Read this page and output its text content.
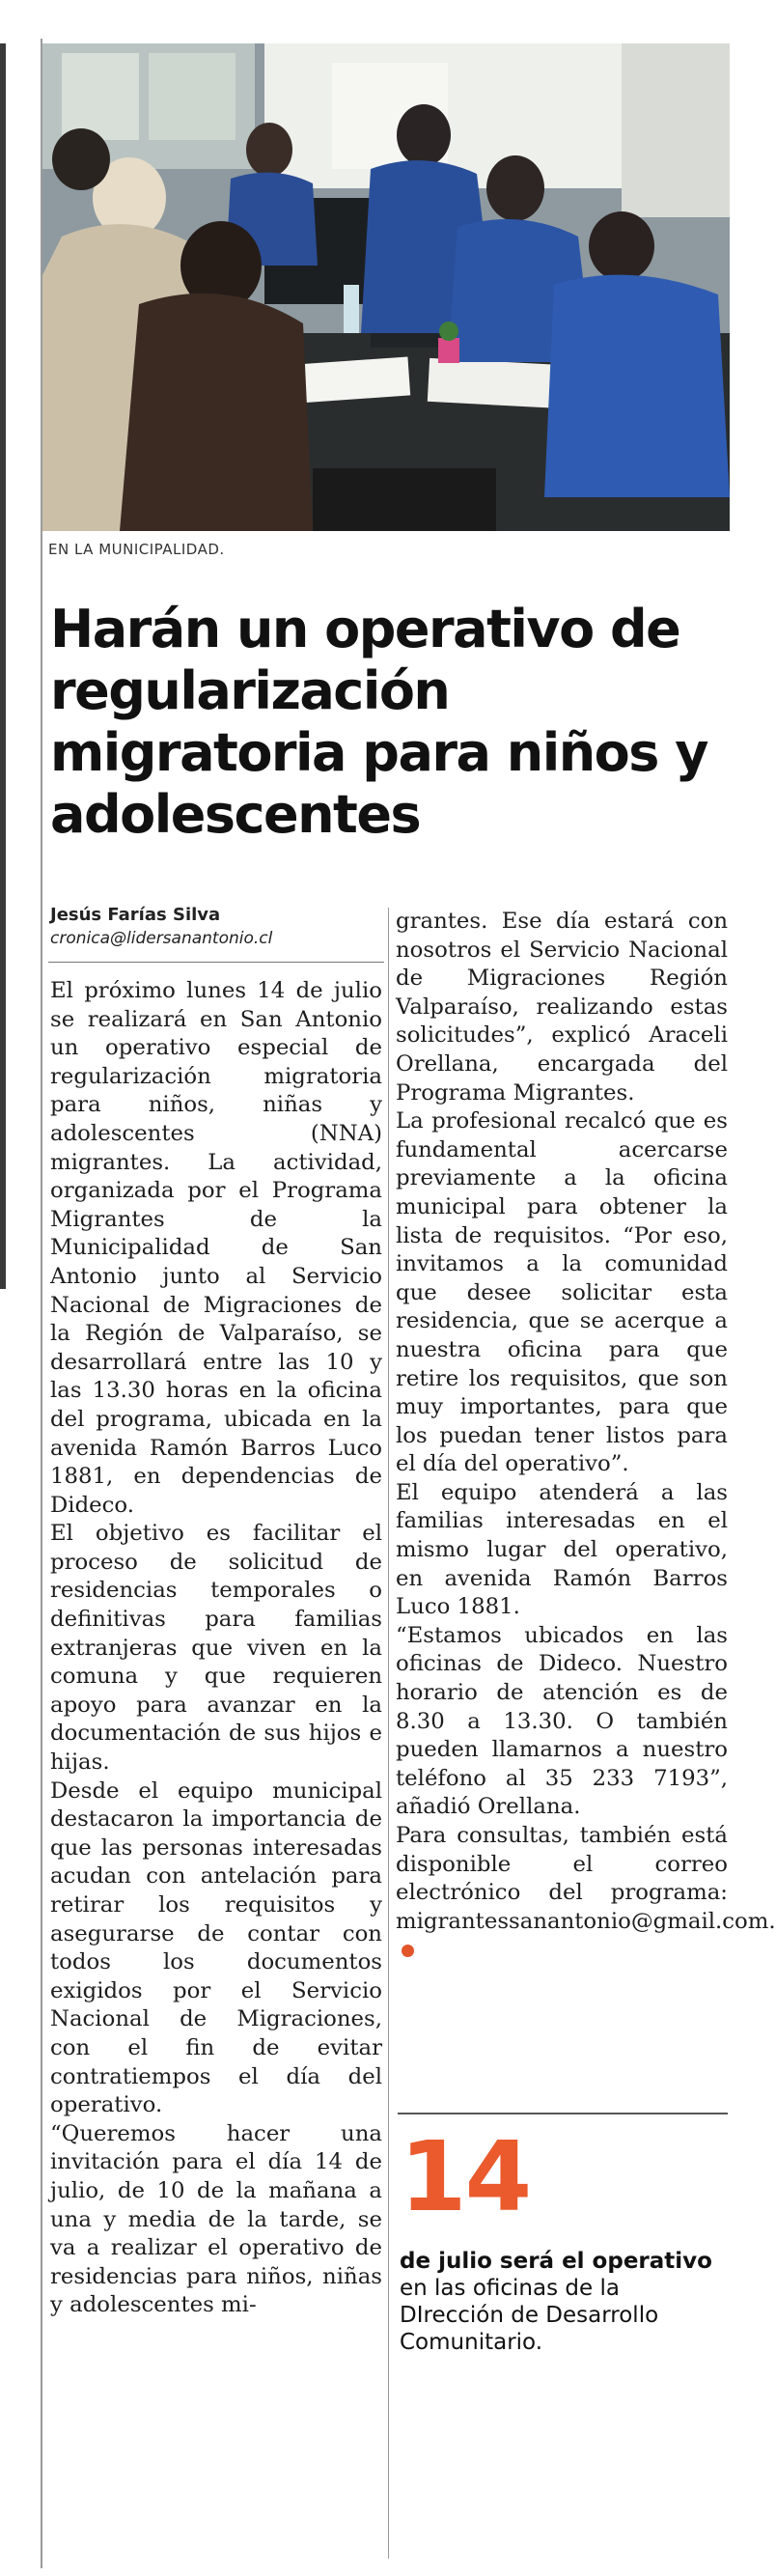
EN LA MUNICIPALIDAD.
Harán un operativo de regularización migratoria para niños y adolescentes
Jesús Farías Silva
cronica@lidersanantonio.cl

El próximo lunes 14 de julio se realizará en San Antonio un operativo especial de regularización migratoria para niños, niñas y adolescentes (NNA) migrantes. La actividad, organizada por el Programa Migrantes de la Municipalidad de San Antonio junto al Servicio Nacional de Migraciones de la Región de Valparaíso, se desarrollará entre las 10 y las 13.30 horas en la oficina del programa, ubicada en la avenida Ramón Barros Luco 1881, en dependencias de Dideco.

El objetivo es facilitar el proceso de solicitud de residencias temporales o definitivas para familias extranjeras que viven en la comuna y que requieren apoyo para avanzar en la documentación de sus hijos e hijas.

Desde el equipo municipal destacaron la importancia de que las personas interesadas acudan con antelación para retirar los requisitos y asegurarse de contar con todos los documentos exigidos por el Servicio Nacional de Migraciones, con el fin de evitar contratiempos el día del operativo.

“Queremos hacer una invitación para el día 14 de julio, de 10 de la mañana a una y media de la tarde, se va a realizar el operativo de residencias para niños, niñas y adolescentes mi-

grantes. Ese día estará con nosotros el Servicio Nacional de Migraciones Región Valparaíso, realizando estas solicitudes”, explicó Araceli Orellana, encargada del Programa Migrantes.

La profesional recalcó que es fundamental acercarse previamente a la oficina municipal para obtener la lista de requisitos. “Por eso, invitamos a la comunidad que desee solicitar esta residencia, que se acerque a nuestra oficina para que retire los requisitos, que son muy importantes, para que los puedan tener listos para el día del operativo”.

El equipo atenderá a las familias interesadas en el mismo lugar del operativo, en avenida Ramón Barros Luco 1881.

“Estamos ubicados en las oficinas de Dideco. Nuestro horario de atención es de 8.30 a 13.30. O también pueden llamarnos a nuestro teléfono al 35 233 7193”, añadió Orellana.

Para consultas, también está disponible el correo electrónico del programa: migrantessanantonio@gmail.com.

14
de julio será el operativo en las oficinas de la DIrección de Desarrollo Comunitario.
